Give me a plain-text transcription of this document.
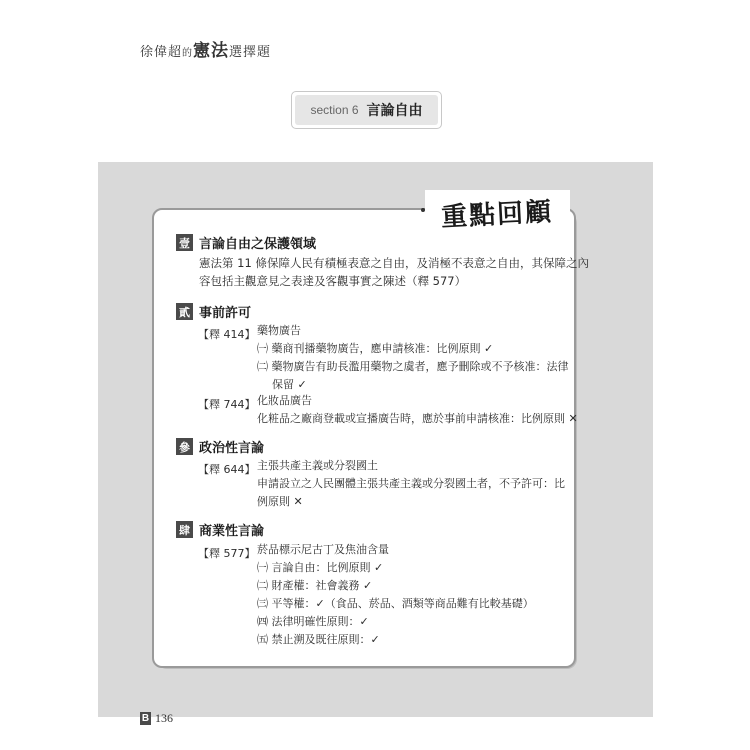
徐偉超的憲法選擇題
section 6 言論自由
重點回顧
壹 言論自由之保護領域
憲法第 11 條保障人民有積極表意之自由，及消極不表意之自由，其保障之內
容包括主觀意見之表達及客觀事實之陳述（釋 577）
貳 事前許可
【釋 414】 藥物廣告
㈠ 藥商刊播藥物廣告，應申請核准：比例原則 ✓
㈡ 藥物廣告有助長濫用藥物之虞者，應予刪除或不予核准：法律
保留 ✓
【釋 744】 化妝品廣告
化粧品之廠商登載或宣播廣告時，應於事前申請核准：比例原則 ✕
參 政治性言論
【釋 644】 主張共產主義或分裂國土
申請設立之人民團體主張共產主義或分裂國土者，不予許可：比
例原則 ✕
肆 商業性言論
【釋 577】 菸品標示尼古丁及焦油含量
㈠ 言論自由：比例原則 ✓
㈡ 財產權：社會義務 ✓
㈢ 平等權：✓（食品、菸品、酒類等商品難有比較基礎）
㈣ 法律明確性原則：✓
㈤ 禁止溯及既往原則：✓
B 136
